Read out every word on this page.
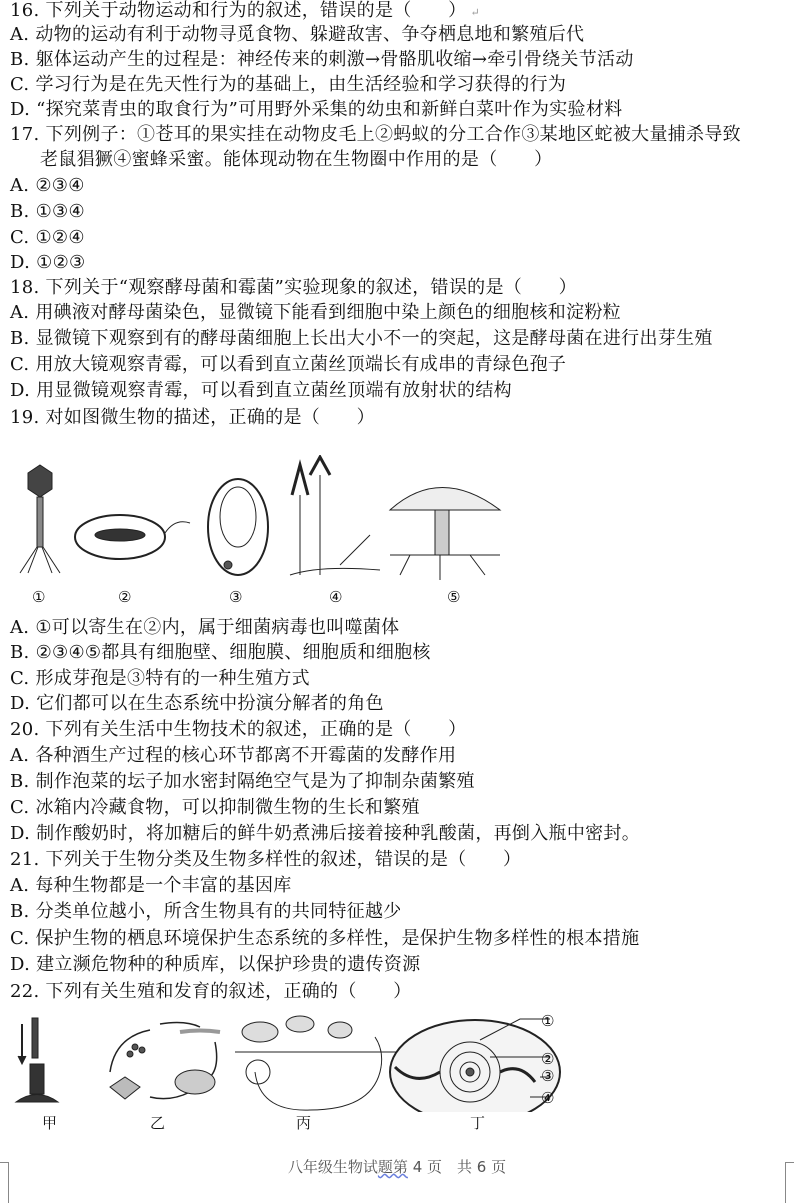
16. 下列关于动物运动和行为的叙述，错误的是（　　） ↵
A. 动物的运动有利于动物寻觅食物、躲避敌害、争夺栖息地和繁殖后代
B. 躯体运动产生的过程是：神经传来的刺激→骨骼肌收缩→牵引骨绕关节活动
C. 学习行为是在先天性行为的基础上，由生活经验和学习获得的行为
D. “探究菜青虫的取食行为”可用野外采集的幼虫和新鲜白菜叶作为实验材料
17. 下列例子：①苍耳的果实挂在动物皮毛上②蚂蚁的分工合作③某地区蛇被大量捕杀导致
老鼠猖獗④蜜蜂采蜜。能体现动物在生物圈中作用的是（　　）
A. ②③④
B. ①③④
C. ①②④
D. ①②③
18. 下列关于“观察酵母菌和霉菌”实验现象的叙述，错误的是（　　）
A. 用碘液对酵母菌染色，显微镜下能看到细胞中染上颜色的细胞核和淀粉粒
B. 显微镜下观察到有的酵母菌细胞上长出大小不一的突起，这是酵母菌在进行出芽生殖
C. 用放大镜观察青霉，可以看到直立菌丝顶端长有成串的青绿色孢子
D. 用显微镜观察青霉，可以看到直立菌丝顶端有放射状的结构
19. 对如图微生物的描述，正确的是（　　）
①	②	③	④	⑤
A. ①可以寄生在②内，属于细菌病毒也叫噬菌体
B. ②③④⑤都具有细胞壁、细胞膜、细胞质和细胞核
C. 形成芽孢是③特有的一种生殖方式
D. 它们都可以在生态系统中扮演分解者的角色
20. 下列有关生活中生物技术的叙述，正确的是（　　）
A. 各种酒生产过程的核心环节都离不开霉菌的发酵作用
B. 制作泡菜的坛子加水密封隔绝空气是为了抑制杂菌繁殖
C. 冰箱内冷藏食物，可以抑制微生物的生长和繁殖
D. 制作酸奶时，将加糖后的鲜牛奶煮沸后接着接种乳酸菌，再倒入瓶中密封。
21. 下列关于生物分类及生物多样性的叙述，错误的是（　　）
A. 每种生物都是一个丰富的基因库
B. 分类单位越小，所含生物具有的共同特征越少
C. 保护生物的栖息环境保护生态系统的多样性，是保护生物多样性的根本措施
D. 建立濒危物种的种质库，以保护珍贵的遗传资源
22. 下列有关生殖和发育的叙述，正确的（　　）
①
②
③
④
甲	乙	丙	丁
八年级生物试题第 4 页　共 6 页
